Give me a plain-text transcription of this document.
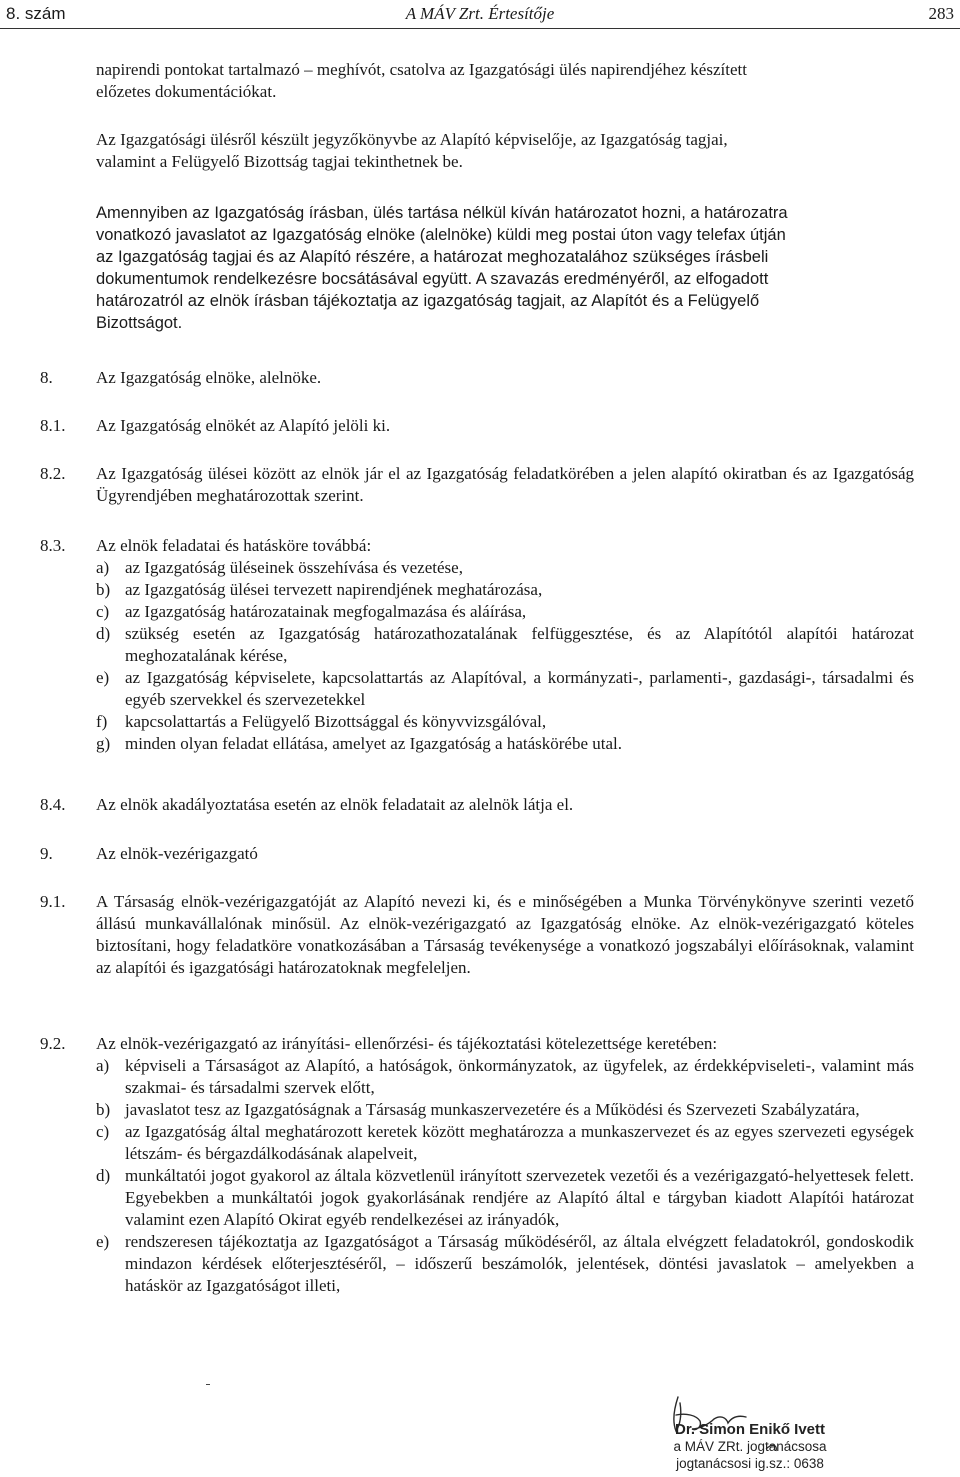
8. szám	A MÁV Zrt. Értesítője	283
napirendi pontokat tartalmazó – meghívót, csatolva az Igazgatósági ülés napirendjéhez készített
előzetes dokumentációkat.
Az Igazgatósági ülésről készült jegyzőkönyvbe az Alapító képviselője, az Igazgatóság tagjai,
valamint a Felügyelő Bizottság tagjai tekinthetnek be.
Amennyiben az Igazgatóság írásban, ülés tartása nélkül kíván határozatot hozni, a határozatra
vonatkozó javaslatot az Igazgatóság elnöke (alelnöke) küldi meg postai úton vagy telefax útján
az Igazgatóság tagjai és az Alapító részére, a határozat meghozatalához szükséges írásbeli
dokumentumok rendelkezésre bocsátásával együtt. A szavazás eredményéről, az elfogadott
határozatról az elnök írásban tájékoztatja az igazgatóság tagjait, az Alapítót és a Felügyelő
Bizottságot.
8.	Az Igazgatóság elnöke, alelnöke.
8.1.	Az Igazgatóság elnökét az Alapító jelöli ki.
8.2.	Az Igazgatóság ülései között az elnök jár el az Igazgatóság feladatkörében a jelen alapító okiratban és az Igazgatóság Ügyrendjében meghatározottak szerint.
8.3.	Az elnök feladatai és hatásköre továbbá:
a) az Igazgatóság üléseinek összehívása és vezetése,
b) az Igazgatóság ülései tervezett napirendjének meghatározása,
c) az Igazgatóság határozatainak megfogalmazása és aláírása,
d) szükség esetén az Igazgatóság határozathozatalának felfüggesztése, és az Alapítótól alapítói határozat meghozatalának kérése,
e) az Igazgatóság képviselete, kapcsolattartás az Alapítóval, a kormányzati-, parlamenti-, gazdasági-, társadalmi és egyéb szervekkel és szervezetekkel
f) kapcsolattartás a Felügyelő Bizottsággal és könyvvizsgálóval,
g) minden olyan feladat ellátása, amelyet az Igazgatóság a hatáskörébe utal.
8.4.	Az elnök akadályoztatása esetén az elnök feladatait az alelnök látja el.
9.	Az elnök-vezérigazgató
9.1.	A Társaság elnök-vezérigazgatóját az Alapító nevezi ki, és e minőségében a Munka Törvénykönyve szerinti vezető állású munkavállalónak minősül. Az elnök-vezérigazgató az Igazgatóság elnöke. Az elnök-vezérigazgató köteles biztosítani, hogy feladatköre vonatkozásában a Társaság tevékenysége a vonatkozó jogszabályi előírásoknak, valamint az alapítói és igazgatósági határozatoknak megfeleljen.
9.2.	Az elnök-vezérigazgató az irányítási- ellenőrzési- és tájékoztatási kötelezettsége keretében:
a) képviseli a Társaságot az Alapító, a hatóságok, önkormányzatok, az ügyfelek, az érdekképviseleti-, valamint más szakmai- és társadalmi szervek előtt,
b) javaslatot tesz az Igazgatóságnak a Társaság munkaszervezetére és a Működési és Szervezeti Szabályzatára,
c) az Igazgatóság által meghatározott keretek között meghatározza a munkaszervezet és az egyes szervezeti egységek létszám- és bérgazdálkodásának alapelveit,
d) munkáltatói jogot gyakorol az általa közvetlenül irányított szervezetek vezetői és a vezérigazgató-helyettesek felett. Egyebekben a munkáltatói jogok gyakorlásának rendjére az Alapító által e tárgyban kiadott Alapítói határozat valamint ezen Alapító Okirat egyéb rendelkezései az irányadók,
e) rendszeresen tájékoztatja az Igazgatóságot a Társaság működéséről, az általa elvégzett feladatokról, gondoskodik mindazon kérdések előterjesztéséről, – időszerű beszámolók, jelentések, döntési javaslatok – amelyekben a hatáskör az Igazgatóságot illeti,
Dr. Simon Enikő Ivett
a MÁV ZRt. jogtanácsosa
jogtanácsosi ig.sz.: 0638
